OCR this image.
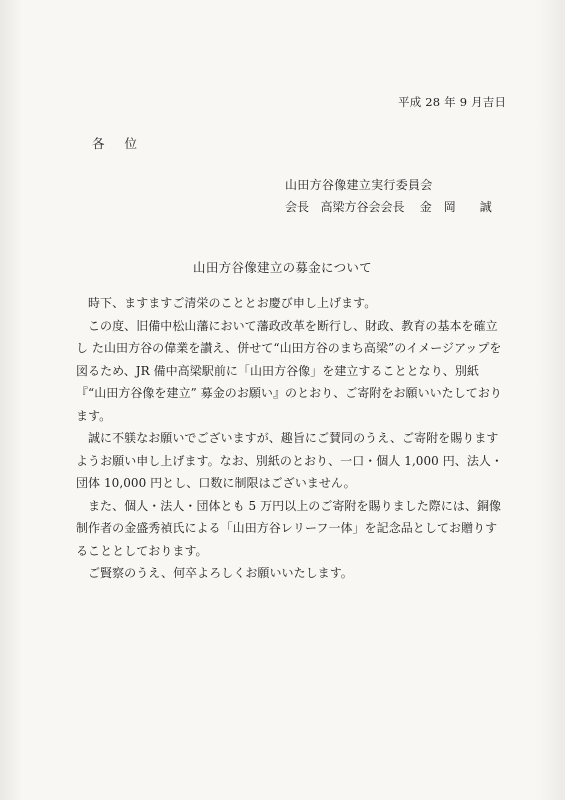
平成 28 年 9 月吉日
各位
山田方谷像建立実行委員会
会長 高梁方谷会会長 金　岡　　誠
山田方谷像建立の募金について

時下、ますますご清栄のこととお慶び申し上げます。

この度、旧備中松山藩において藩政改革を断行し、財政、教育の基本を確立し た山田方谷の偉業を讃え、併せて“山田方谷のまち高梁”のイメージアップを図るため、JR 備中高梁駅前に「山田方谷像」を建立することとなり、別紙『“山田方谷像を建立” 募金のお願い』のとおり、ご寄附をお願いいたしております。

誠に不躾なお願いでございますが、趣旨にご賛同のうえ、ご寄附を賜りますようお願い申し上げます。なお、別紙のとおり、一口・個人 1,000 円、法人・団体 10,000 円とし、口数に制限はございません。

また、個人・法人・団体とも 5 万円以上のご寄附を賜りました際には、銅像制作者の金盛秀禎氏による「山田方谷レリーフ一体」を記念品としてお贈りすることとしております。

ご賢察のうえ、何卒よろしくお願いいたします。
